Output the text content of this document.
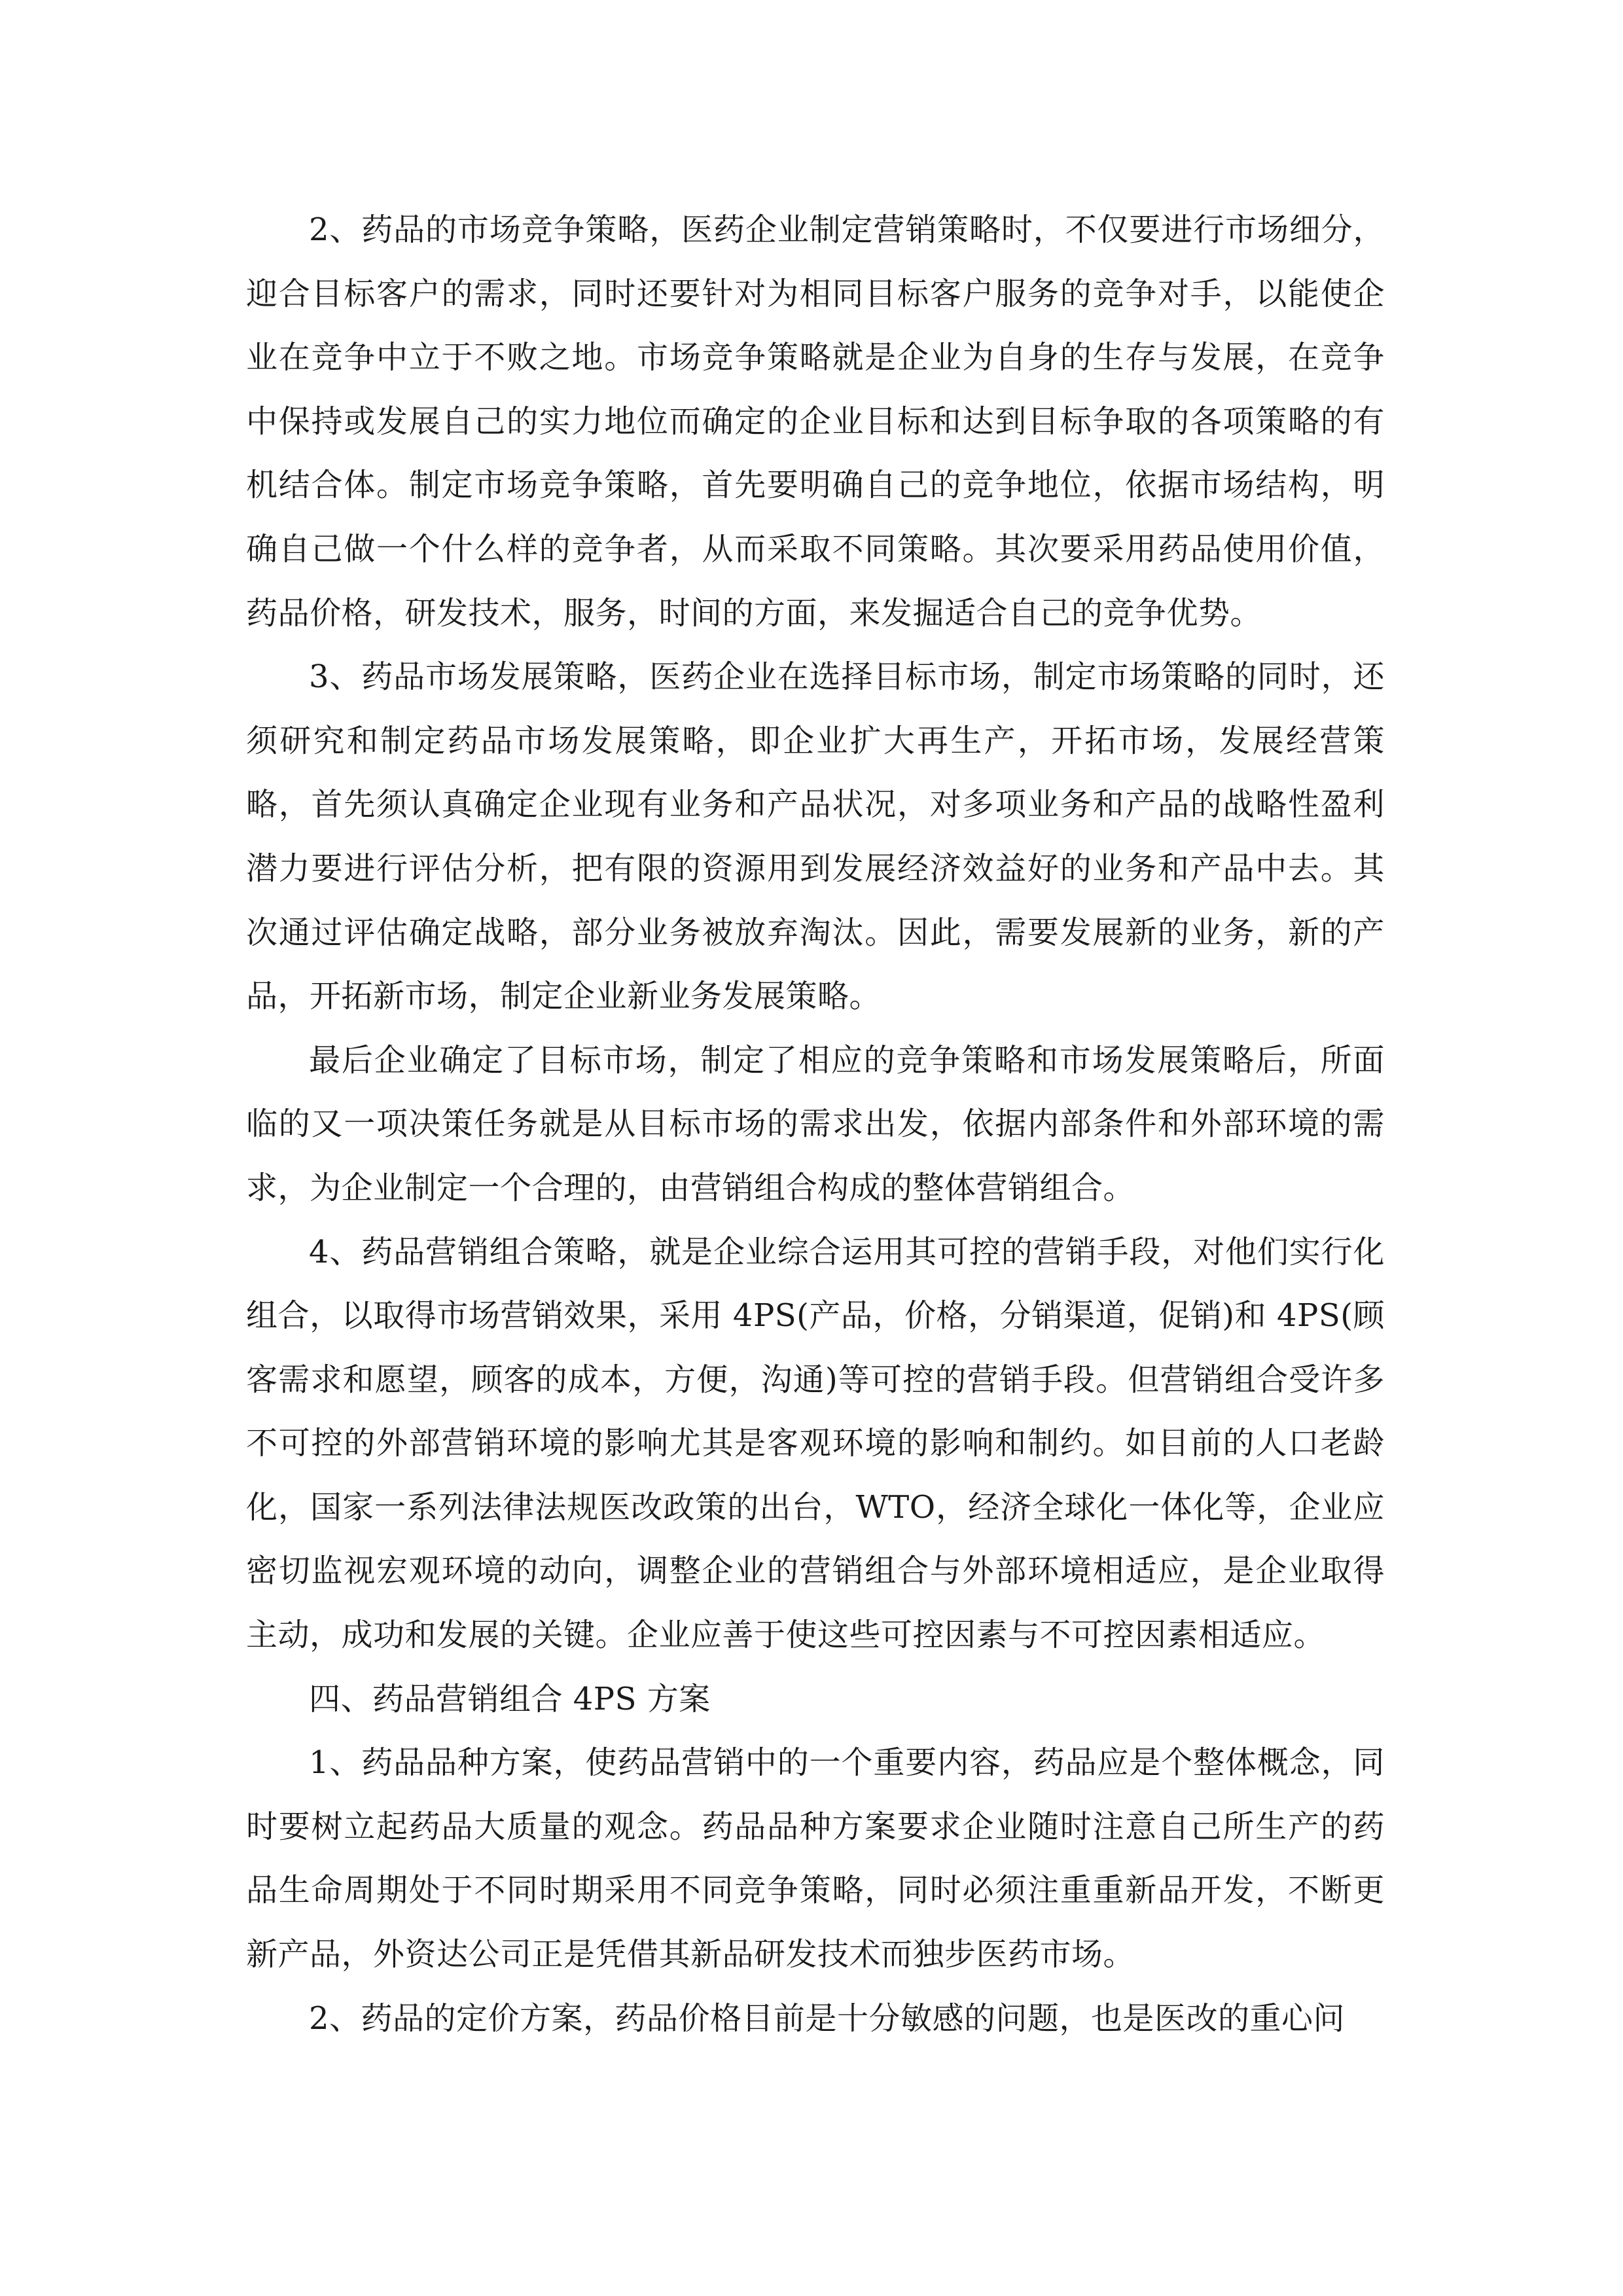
2、药品的市场竞争策略，医药企业制定营销策略时，不仅要进行市场细分，迎合目标客户的需求，同时还要针对为相同目标客户服务的竞争对手，以能使企业在竞争中立于不败之地。市场竞争策略就是企业为自身的生存与发展，在竞争中保持或发展自己的实力地位而确定的企业目标和达到目标争取的各项策略的有机结合体。制定市场竞争策略，首先要明确自己的竞争地位，依据市场结构，明确自己做一个什么样的竞争者，从而采取不同策略。其次要采用药品使用价值，药品价格，研发技术，服务，时间的方面，来发掘适合自己的竞争优势。

3、药品市场发展策略，医药企业在选择目标市场，制定市场策略的同时，还须研究和制定药品市场发展策略，即企业扩大再生产，开拓市场，发展经营策略，首先须认真确定企业现有业务和产品状况，对多项业务和产品的战略性盈利潜力要进行评估分析，把有限的资源用到发展经济效益好的业务和产品中去。其次通过评估确定战略，部分业务被放弃淘汰。因此，需要发展新的业务，新的产品，开拓新市场，制定企业新业务发展策略。

最后企业确定了目标市场，制定了相应的竞争策略和市场发展策略后，所面临的又一项决策任务就是从目标市场的需求出发，依据内部条件和外部环境的需求，为企业制定一个合理的，由营销组合构成的整体营销组合。

4、药品营销组合策略，就是企业综合运用其可控的营销手段，对他们实行化组合，以取得市场营销效果，采用 4PS(产品，价格，分销渠道，促销)和 4PS(顾客需求和愿望，顾客的成本，方便，沟通)等可控的营销手段。但营销组合受许多不可控的外部营销环境的影响尤其是客观环境的影响和制约。如目前的人口老龄化，国家一系列法律法规医改政策的出台，WTO，经济全球化一体化等，企业应密切监视宏观环境的动向，调整企业的营销组合与外部环境相适应，是企业取得主动，成功和发展的关键。企业应善于使这些可控因素与不可控因素相适应。

四、药品营销组合 4PS 方案

1、药品品种方案，使药品营销中的一个重要内容，药品应是个整体概念，同时要树立起药品大质量的观念。药品品种方案要求企业随时注意自己所生产的药品生命周期处于不同时期采用不同竞争策略，同时必须注重重新品开发，不断更新产品，外资达公司正是凭借其新品研发技术而独步医药市场。

2、药品的定价方案，药品价格目前是十分敏感的问题，也是医改的重心问
